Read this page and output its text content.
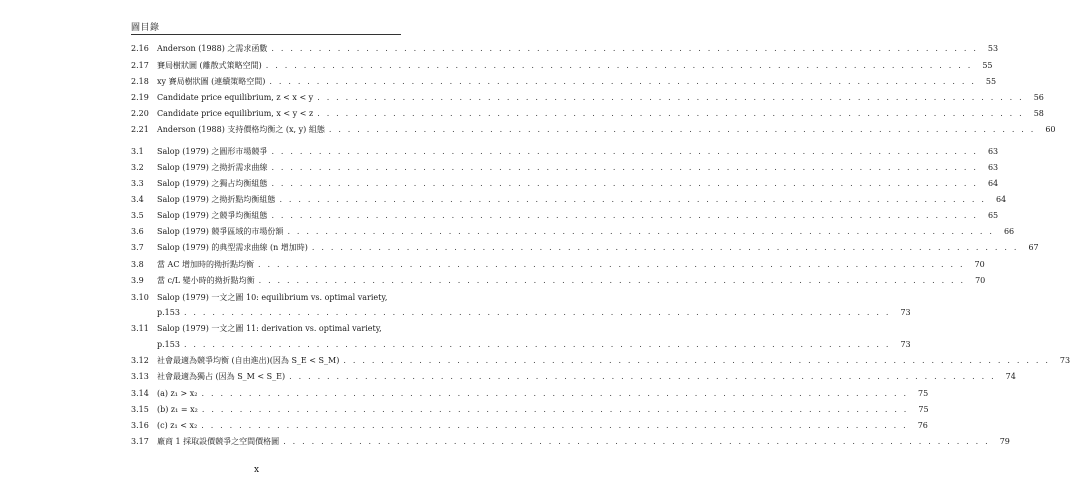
圖目錄
2.16	Anderson (1988) 之需求函數 . . .	53
2.17	賽局樹狀圖 (離散式策略空間) . . .	55
2.18	xy 賽局樹狀圖 (連續策略空間) . . .	55
2.19	Candidate price equilibrium, z < x < y . . .	56
2.20	Candidate price equilibrium, x < y < z . . .	58
2.21	Anderson (1988) 支持價格均衡之 (x, y) 組態 . . .	60
3.1	Salop (1979) 之圓形市場競爭 . . .	63
3.2	Salop (1979) 之拗折需求曲線 . . .	63
3.3	Salop (1979) 之獨占均衡組態 . . .	64
3.4	Salop (1979) 之拗折點均衡組態 . . .	64
3.5	Salop (1979) 之競爭均衡組態 . . .	65
3.6	Salop (1979) 競爭區域的市場份額 . . .	66
3.7	Salop (1979) 的典型需求曲線 (n 增加時) . . .	67
3.8	當 AC 增加時的拗折點均衡 . . .	70
3.9	當 c/L 變小時的拗折點均衡 . . .	70
3.10	Salop (1979) 一文之圖 10: equilibrium vs. optimal variety,
p.153 . . .	73
3.11	Salop (1979) 一文之圖 11: derivation vs. optimal variety,
p.153 . . .	73
3.12	社會最適為競爭均衡 (自由進出)(因為 S_E < S_M) . . .	73
3.13	社會最適為獨占 (因為 S_M < S_E) . . .	74
3.14	(a) z₁ > x₂ . . .	75
3.15	(b) z₁ = x₂ . . .	75
3.16	(c) z₁ < x₂ . . .	76
3.17	廠商 1 採取設價競爭之空間價格圖 . . .	79
x
